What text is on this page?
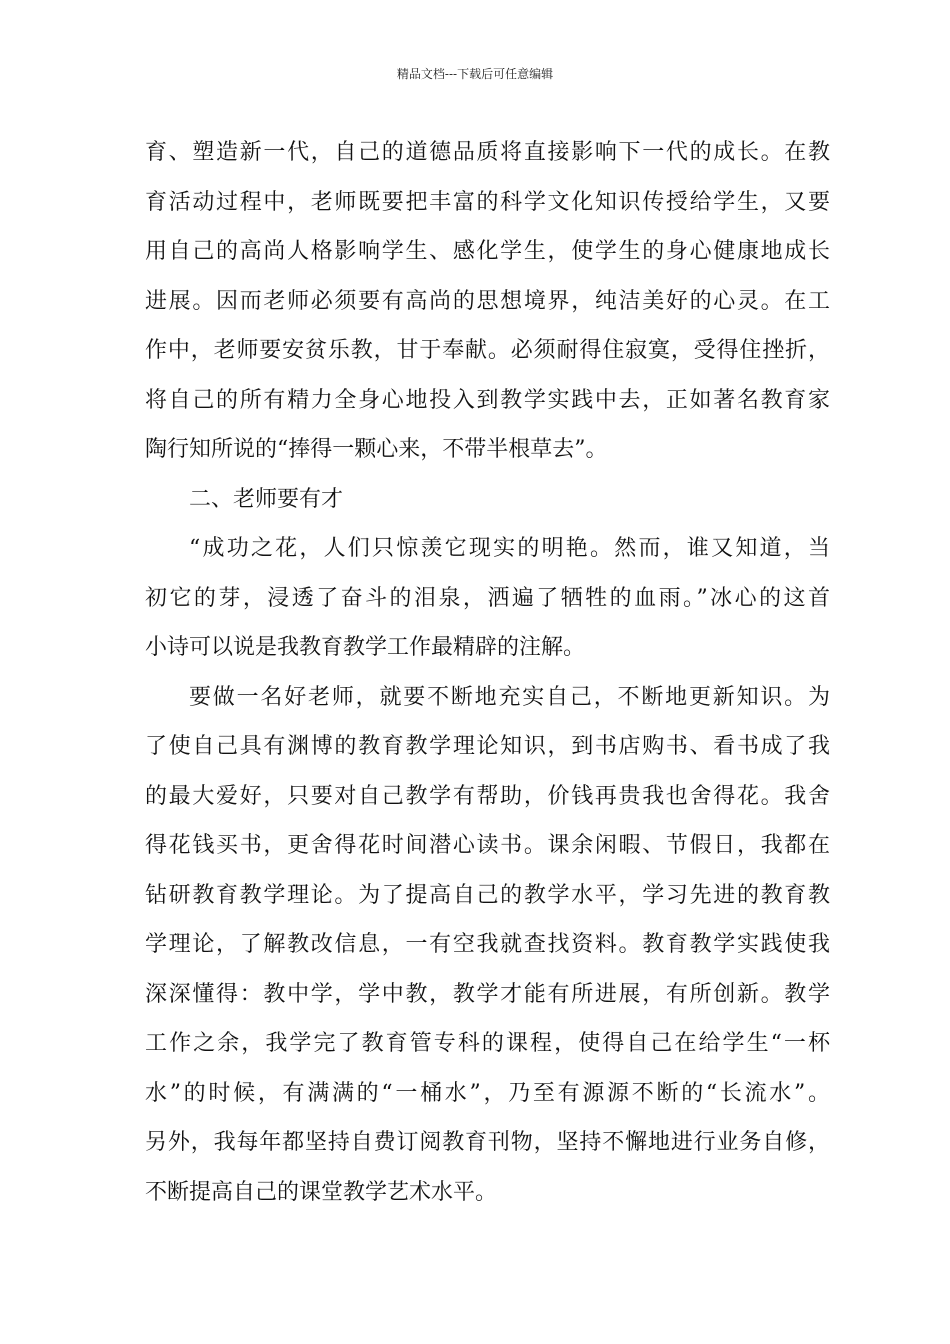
精品文档---下载后可任意编辑
育、塑造新一代，自己的道德品质将直接影响下一代的成长。在教
育活动过程中，老师既要把丰富的科学文化知识传授给学生，又要
用自己的高尚人格影响学生、感化学生，使学生的身心健康地成长
进展。因而老师必须要有高尚的思想境界，纯洁美好的心灵。在工
作中，老师要安贫乐教，甘于奉献。必须耐得住寂寞，受得住挫折，
将自己的所有精力全身心地投入到教学实践中去，正如著名教育家
陶行知所说的“捧得一颗心来，不带半根草去”。
二、老师要有才
“成功之花，人们只惊羡它现实的明艳。然而，谁又知道，当
初它的芽，浸透了奋斗的泪泉，洒遍了牺牲的血雨。”冰心的这首
小诗可以说是我教育教学工作最精辟的注解。
要做一名好老师，就要不断地充实自己，不断地更新知识。为
了使自己具有渊博的教育教学理论知识，到书店购书、看书成了我
的最大爱好，只要对自己教学有帮助，价钱再贵我也舍得花。我舍
得花钱买书，更舍得花时间潜心读书。课余闲暇、节假日，我都在
钻研教育教学理论。为了提高自己的教学水平，学习先进的教育教
学理论，了解教改信息，一有空我就查找资料。教育教学实践使我
深深懂得：教中学，学中教，教学才能有所进展，有所创新。教学
工作之余，我学完了教育管专科的课程，使得自己在给学生“一杯
水”的时候，有满满的“一桶水”，乃至有源源不断的“长流水”。
另外，我每年都坚持自费订阅教育刊物，坚持不懈地进行业务自修，
不断提高自己的课堂教学艺术水平。
